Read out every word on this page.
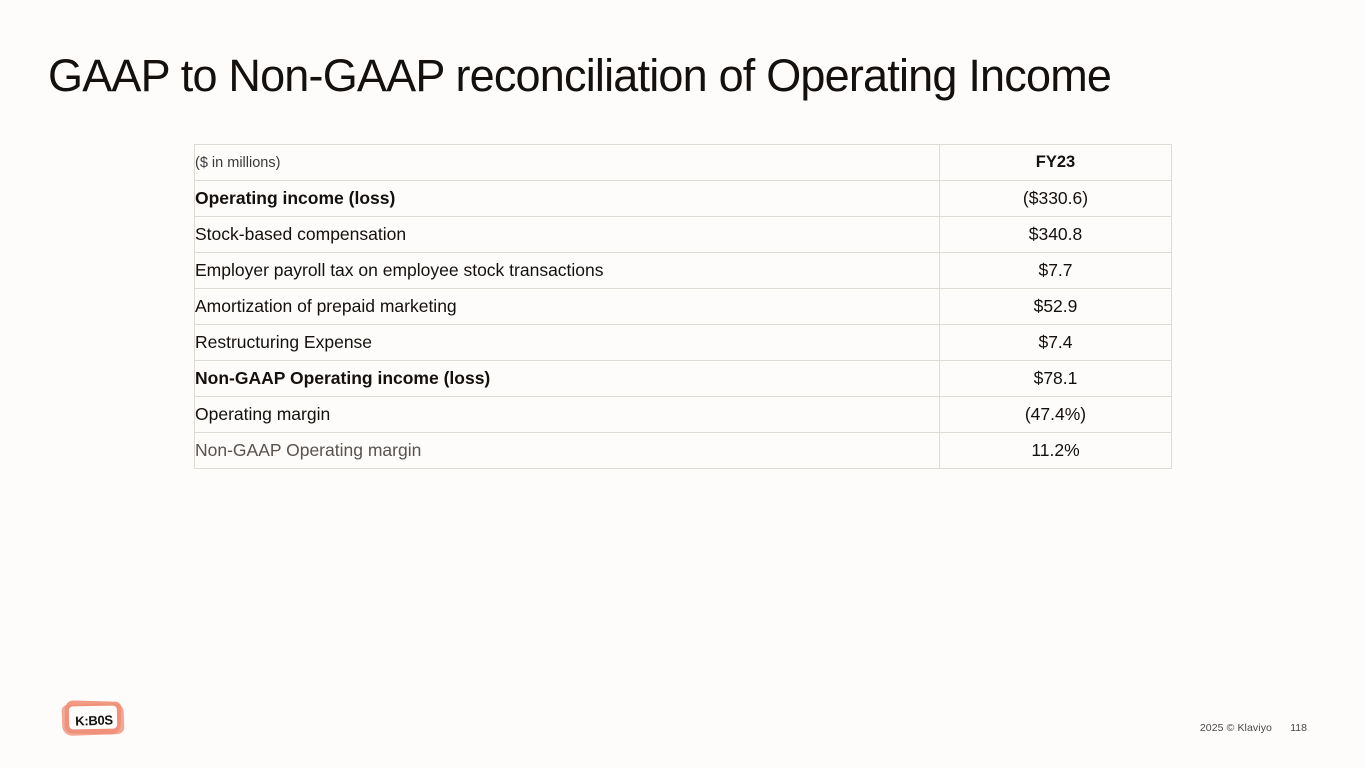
GAAP to Non-GAAP reconciliation of Operating Income
($ in millions)	FY23
Operating income (loss)	($330.6)
Stock-based compensation	$340.8
Employer payroll tax on employee stock transactions	$7.7
Amortization of prepaid marketing	$52.9
Restructuring Expense	$7.4
Non-GAAP Operating income (loss)	$78.1
Operating margin	(47.4%)
Non-GAAP Operating margin	11.2%
K:B0S	2025 © Klaviyo 118
